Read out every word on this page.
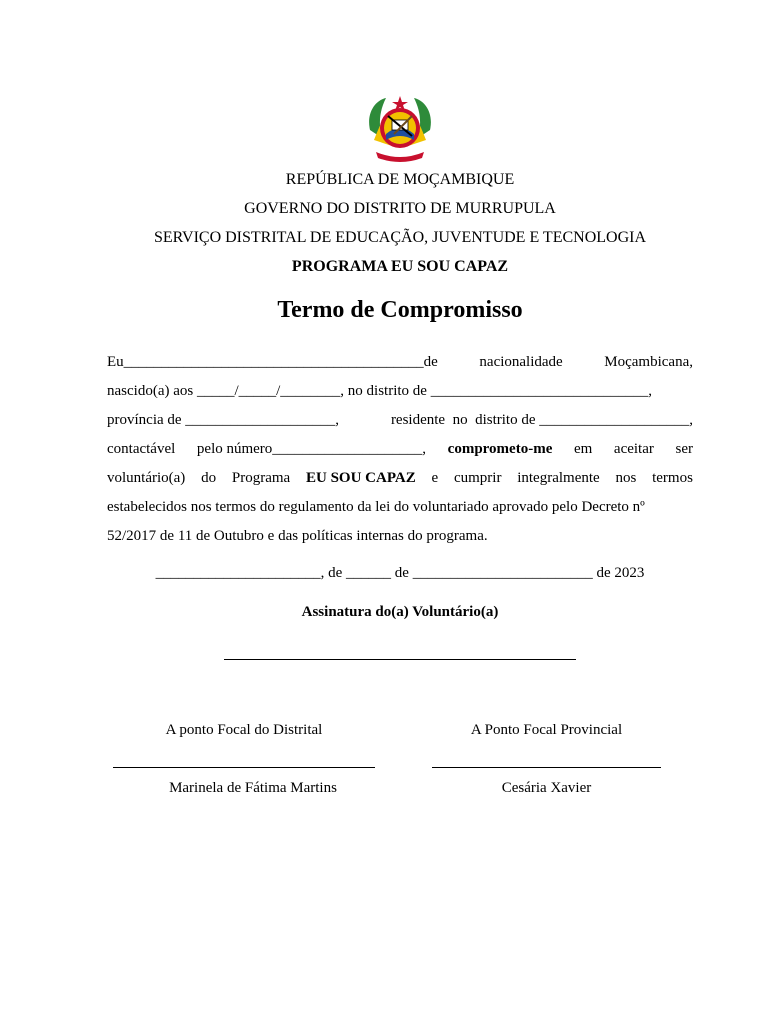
REPÚBLICA DE MOÇAMBIQUE
GOVERNO DO DISTRITO DE MURRUPULA
SERVIÇO DISTRITAL DE EDUCAÇÃO, JUVENTUDE E TECNOLOGIA
PROGRAMA EU SOU CAPAZ
Termo de Compromisso
Eu________________________________________de	nacionalidade	Moçambicana,
nascido(a) aos _____/_____/________, no distrito de _____________________________,
província de ____________________,	residente  no  distrito de ____________________,
contactável pelo número____________________, comprometo-me em aceitar ser
voluntário(a) do Programa EU SOU CAPAZ e cumprir integralmente nos termos
estabelecidos nos termos do regulamento da lei do voluntariado aprovado pelo Decreto nº
52/2017 de 11 de Outubro e das políticas internas do programa.
______________________, de ______ de ________________________ de 2023
Assinatura do(a) Voluntário(a)
A ponto Focal do Distrital
Marinela de Fátima Martins
A Ponto Focal Provincial
Cesária Xavier
